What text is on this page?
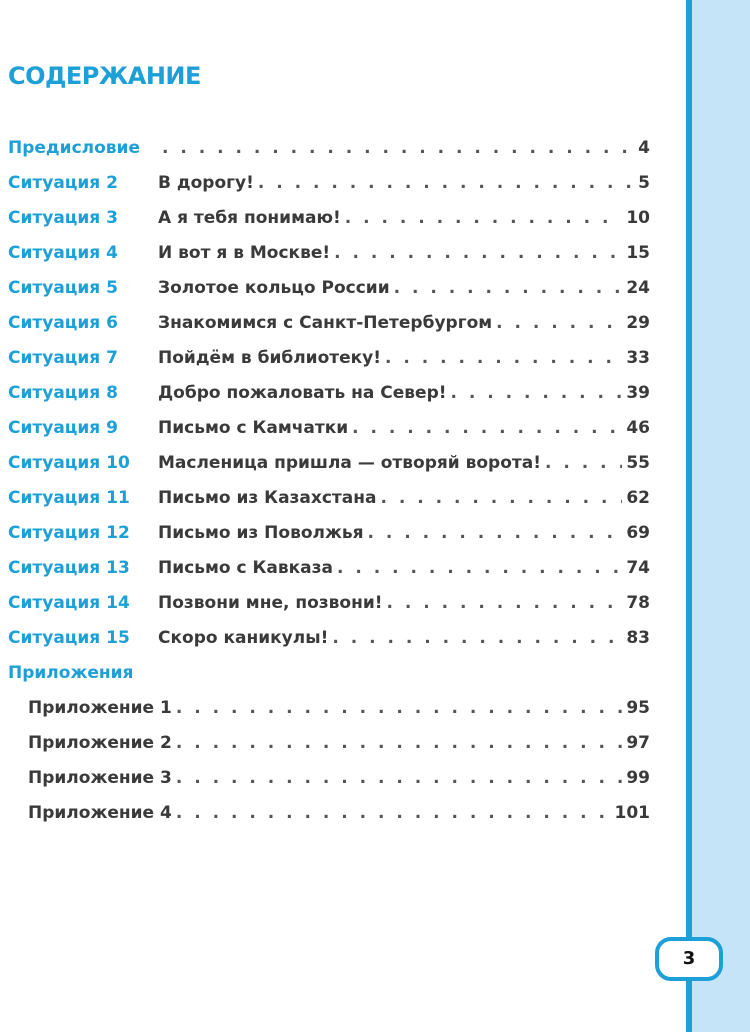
СОДЕРЖАНИЕ
Предисловие . . .	4
Ситуация 2	В дорогу! . . .	5
Ситуация 3	А я тебя понимаю! . . .	10
Ситуация 4	И вот я в Москве! . . .	15
Ситуация 5	Золотое кольцо России . . .	24
Ситуация 6	Знакомимся с Санкт-Петербургом . . .	29
Ситуация 7	Пойдём в библиотеку! . . .	33
Ситуация 8	Добро пожаловать на Север! . . .	39
Ситуация 9	Письмо с Камчатки . . .	46
Ситуация 10	Масленица пришла — отворяй ворота! . . .	55
Ситуация 11	Письмо из Казахстана . . .	62
Ситуация 12	Письмо из Поволжья . . .	69
Ситуация 13	Письмо с Кавказа . . .	74
Ситуация 14	Позвони мне, позвони! . . .	78
Ситуация 15	Скоро каникулы! . . .	83
Приложения
Приложение 1 . . .	95
Приложение 2 . . .	97
Приложение 3 . . .	99
Приложение 4 . . .	101
3
